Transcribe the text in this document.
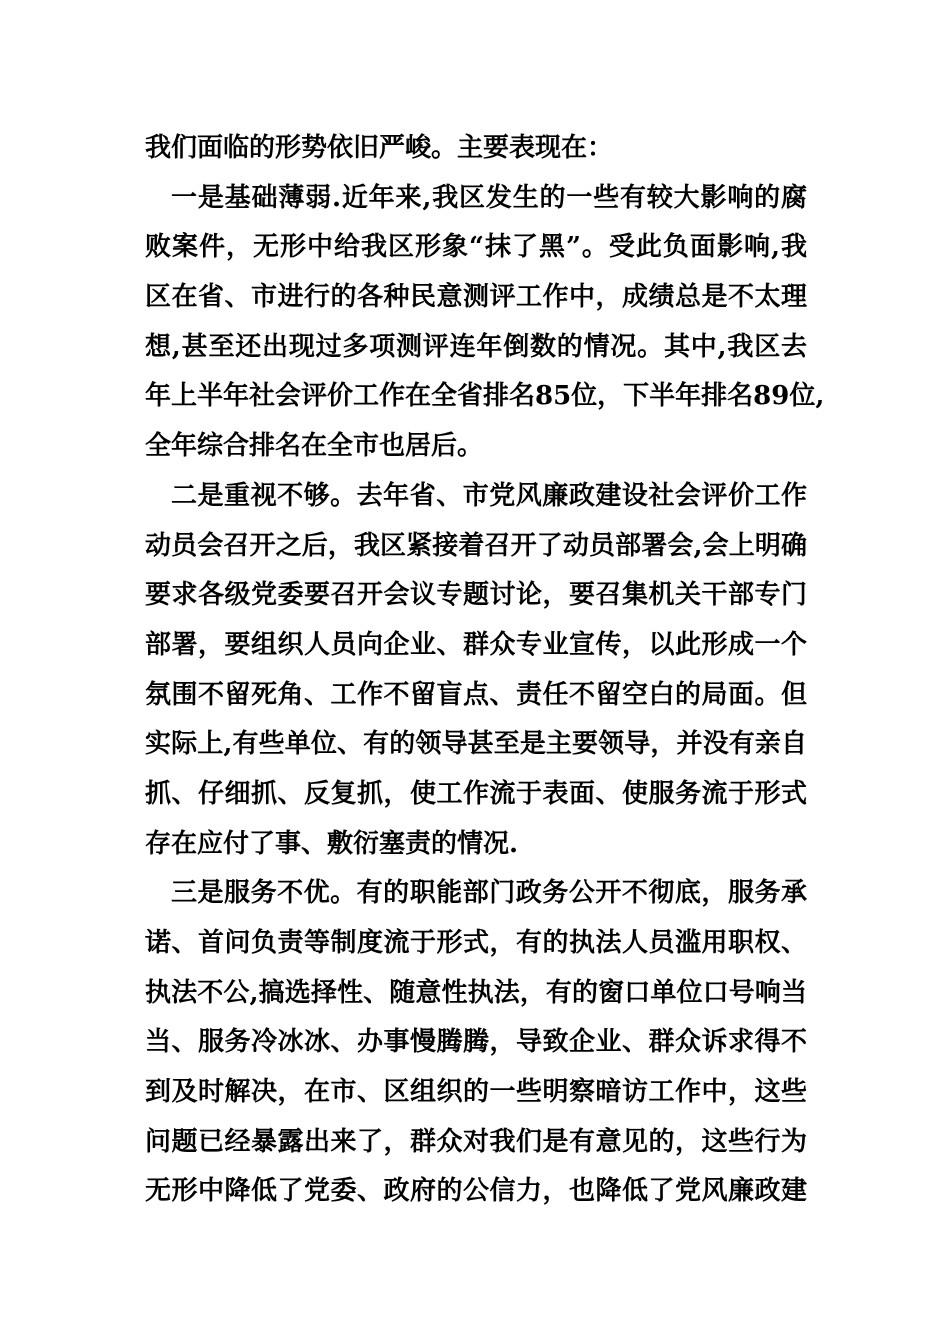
我们面临的形势依旧严峻。主要表现在：
一是基础薄弱.近年来,我区发生的一些有较大影响的腐
败案件，无形中给我区形象“抹了黑”。受此负面影响,我
区在省、市进行的各种民意测评工作中，成绩总是不太理
想,甚至还出现过多项测评连年倒数的情况。其中,我区去
年上半年社会评价工作在全省排名85位，下半年排名89位,
全年综合排名在全市也居后。
二是重视不够。去年省、市党风廉政建设社会评价工作
动员会召开之后，我区紧接着召开了动员部署会,会上明确
要求各级党委要召开会议专题讨论，要召集机关干部专门
部署，要组织人员向企业、群众专业宣传，以此形成一个
氛围不留死角、工作不留盲点、责任不留空白的局面。但
实际上,有些单位、有的领导甚至是主要领导，并没有亲自
抓、仔细抓、反复抓，使工作流于表面、使服务流于形式
存在应付了事、敷衍塞责的情况.
三是服务不优。有的职能部门政务公开不彻底，服务承
诺、首问负责等制度流于形式，有的执法人员滥用职权、
执法不公,搞选择性、随意性执法，有的窗口单位口号响当
当、服务冷冰冰、办事慢腾腾，导致企业、群众诉求得不
到及时解决，在市、区组织的一些明察暗访工作中，这些
问题已经暴露出来了，群众对我们是有意见的，这些行为
无形中降低了党委、政府的公信力，也降低了党风廉政建
